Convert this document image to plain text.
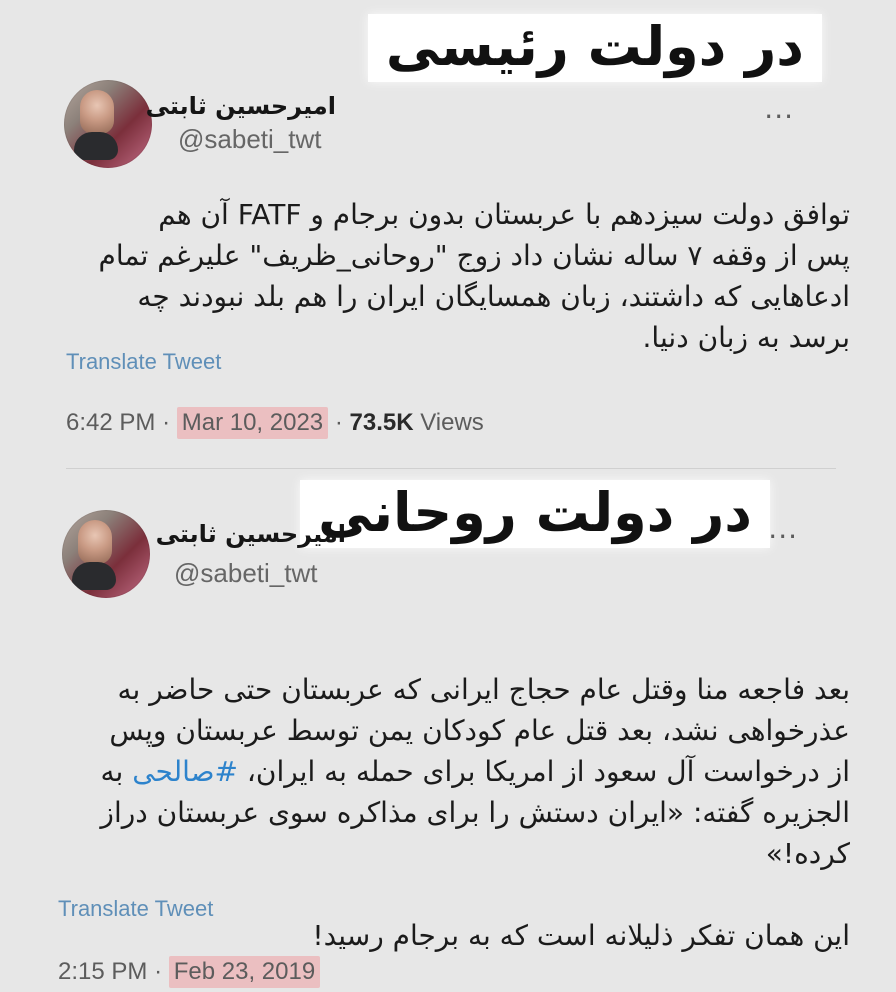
در دولت رئیسی
...
امیرحسین ثابتی
@sabeti_twt
توافق دولت سیزدهم با عربستان بدون برجام و FATF آن هم
پس از وقفه ۷ ساله نشان داد زوج "روحانی_ظریف" علیرغم تمام
ادعاهایی که داشتند، زبان همسایگان ایران را هم بلد نبودند چه
برسد به زبان دنیا.
Translate Tweet
6:42 PM · Mar 10, 2023 · 73.5K Views
در دولت روحانی ...
امیرحسین ثابتی
@sabeti_twt

بعد فاجعه منا وقتل عام حجاج ایرانی که عربستان حتی حاضر به
عذرخواهی نشد، بعد قتل عام کودکان یمن توسط عربستان وپس
از درخواست آل سعود از امریکا برای حمله به ایران، #صالحی به
الجزیره گفته: «ایران دستش را برای مذاکره سوی عربستان دراز
کرده!»

این همان تفکر ذلیلانه است که به برجام رسید!

Translate Tweet
2:15 PM · Feb 23, 2019
